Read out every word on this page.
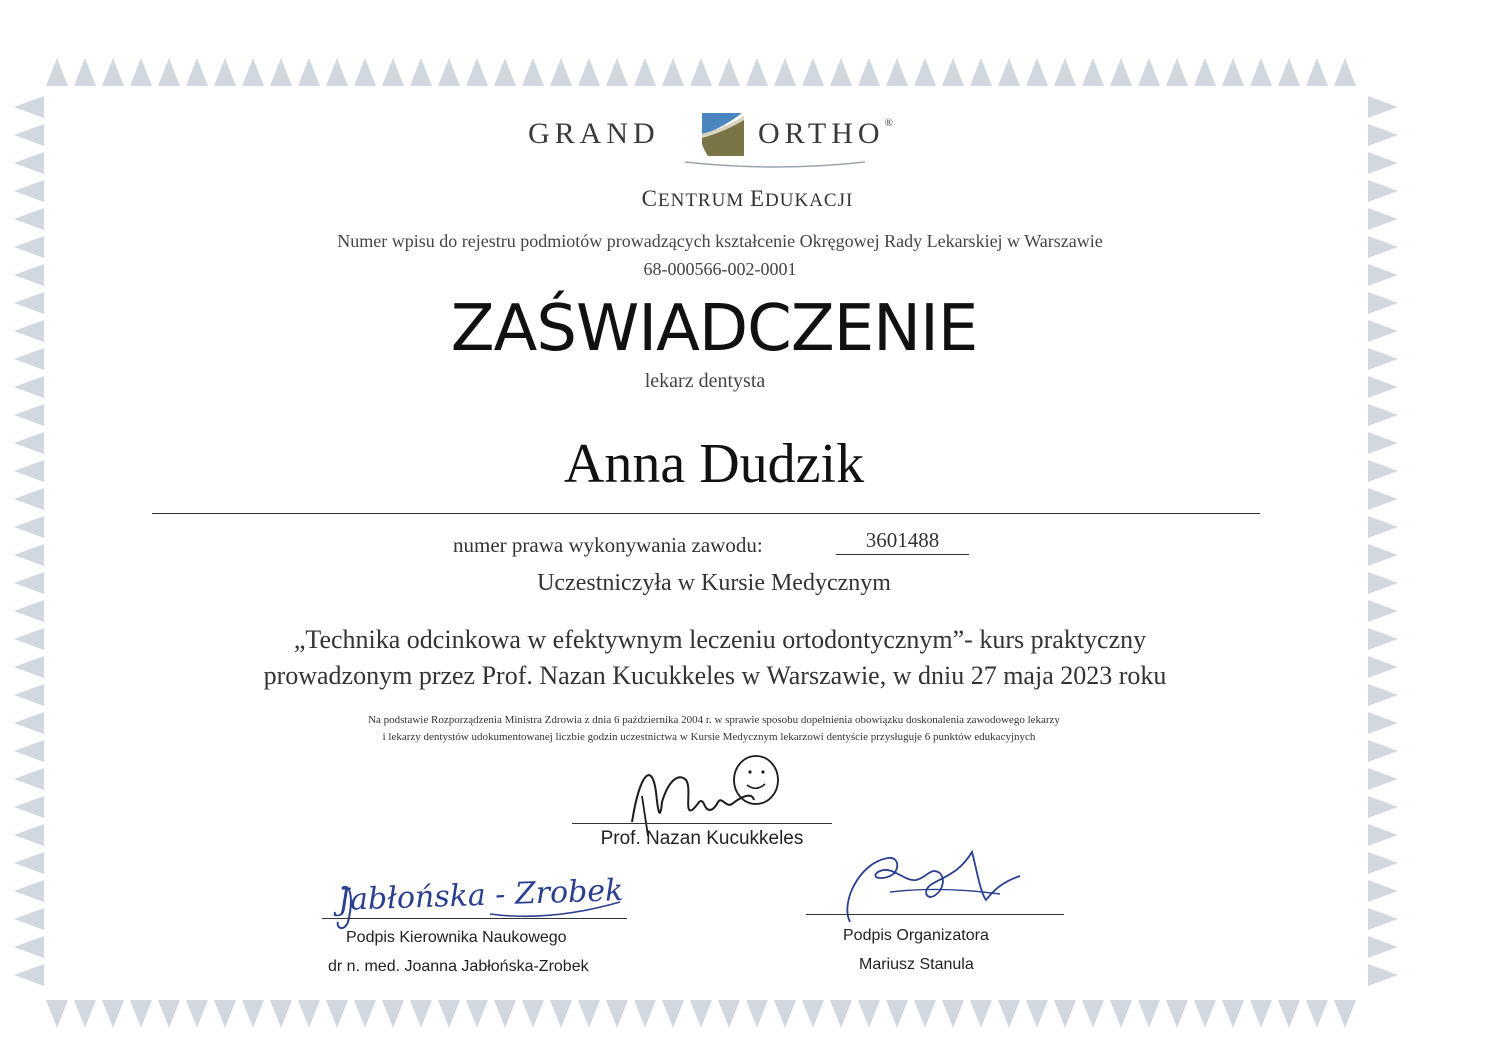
GRAND	ORTHO®
CENTRUM EDUKACJI
Numer wpisu do rejestru podmiotów prowadzących kształcenie Okręgowej Rady Lekarskiej w Warszawie
68-000566-002-0001
ZAŚWIADCZENIE
lekarz dentysta
Anna Dudzik
numer prawa wykonywania zawodu:	3601488
Uczestniczyła w Kursie Medycznym
„Technika odcinkowa w efektywnym leczeniu ortodontycznym”- kurs praktyczny
prowadzonym przez Prof. Nazan Kucukkeles w Warszawie, w dniu 27 maja 2023 roku
Na podstawie Rozporządzenia Ministra Zdrowia z dnia 6 października 2004 r. w sprawie sposobu dopełnienia obowiązku doskonalenia zawodowego lekarzy
i lekarzy dentystów udokumentowanej liczbie godzin uczestnictwa w Kursie Medycznym lekarzowi dentyście przysługuje 6 punktów edukacyjnych
Prof. Nazan Kucukkeles
Jabłońska - Zrobek
Podpis Kierownika Naukowego
dr n. med. Joanna Jabłońska-Zrobek
Podpis Organizatora
Mariusz Stanula
